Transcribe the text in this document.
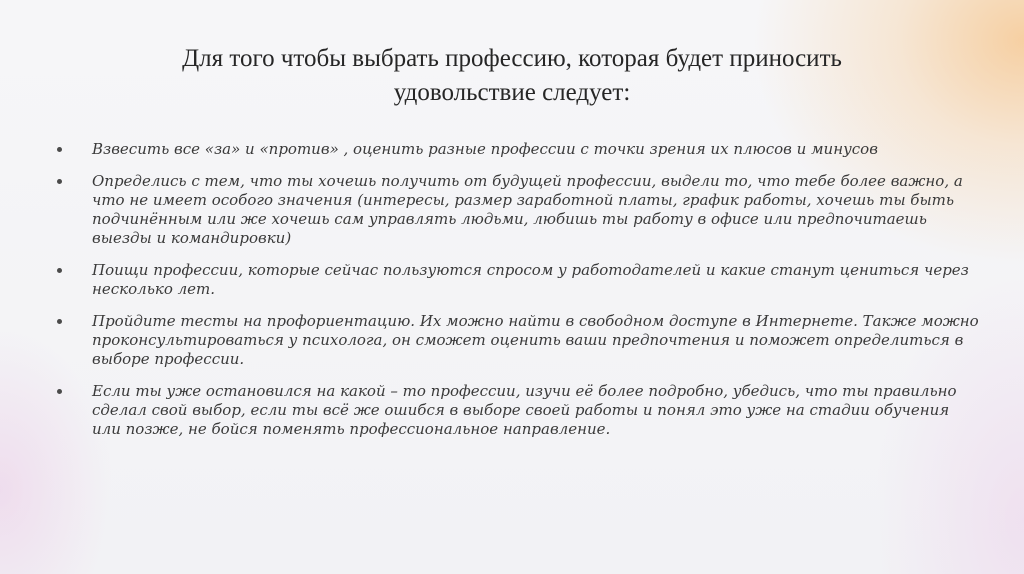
Для того чтобы выбрать профессию, которая будет приносить
удовольствие следует:
Взвесить все «за» и «против» , оценить разные профессии с точки зрения их плюсов и минусов
Определись с тем, что ты хочешь получить от будущей профессии, выдели то, что тебе более важно, а что не имеет особого значения (интересы, размер заработной платы, график работы, хочешь ты быть подчинённым или же хочешь сам управлять людьми, любишь ты работу в офисе или предпочитаешь выезды и командировки)
Поищи профессии, которые сейчас пользуются спросом у работодателей и какие станут цениться через несколько лет.
Пройдите тесты на профориентацию. Их можно найти в свободном доступе в Интернете. Также можно проконсультироваться у психолога, он сможет оценить ваши предпочтения и поможет определиться в выборе профессии.
Если ты уже остановился на какой – то профессии, изучи её более подробно, убедись, что ты правильно сделал свой выбор, если ты всё же ошибся в выборе своей работы и понял это уже на стадии обучения или позже, не бойся поменять профессиональное направление.
